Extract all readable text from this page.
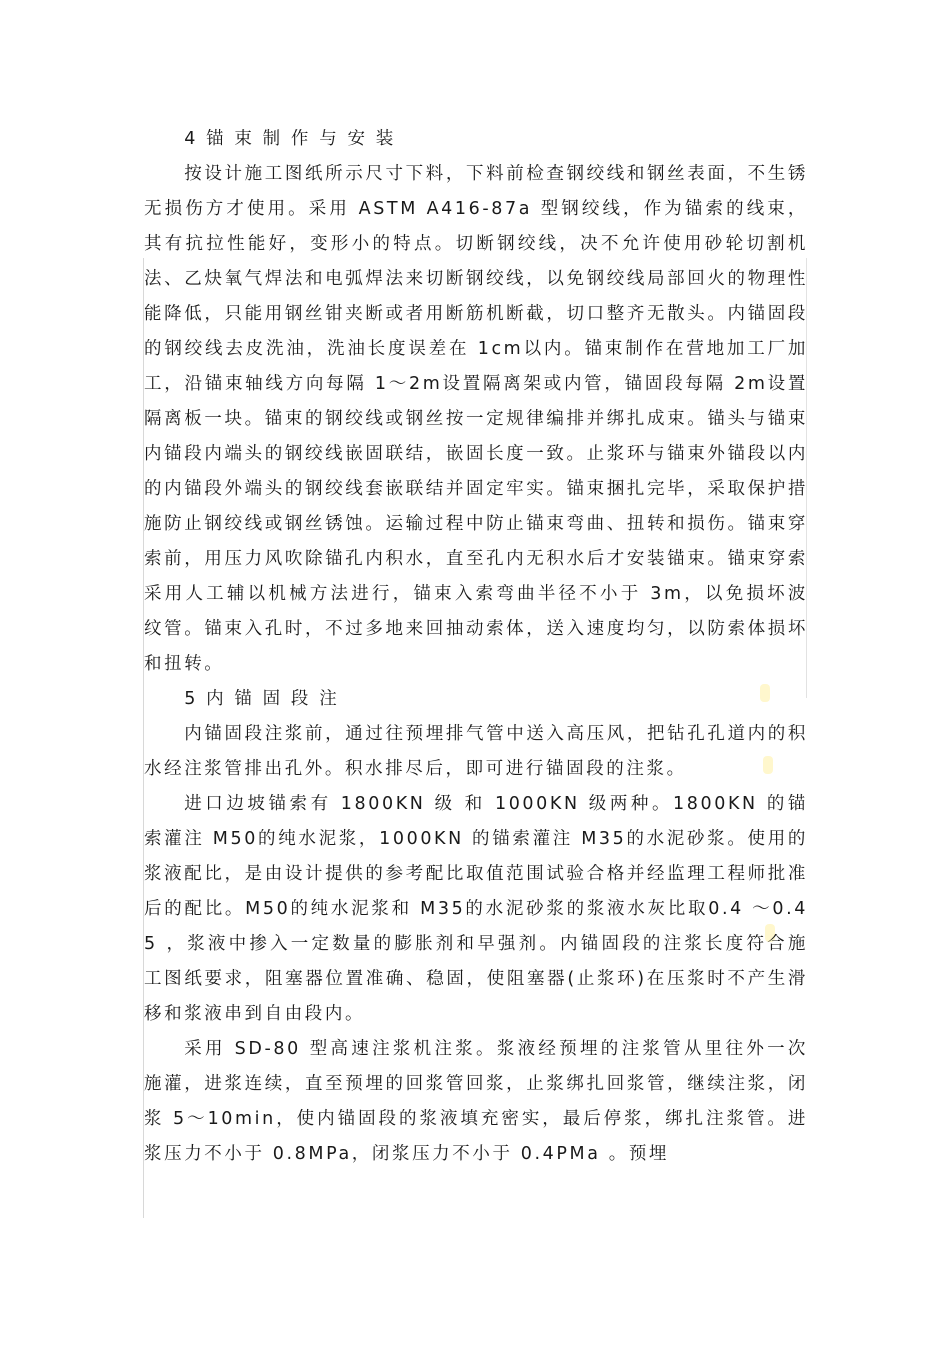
4 锚 束 制 作 与 安 装

按设计施工图纸所示尺寸下料，下料前检查钢绞线和钢丝表面，不生锈无损伤方才使用。采用 ASTM A416-87a 型钢绞线，作为锚索的线束，其有抗拉性能好，变形小的特点。切断钢绞线，决不允许使用砂轮切割机法、乙炔氧气焊法和电弧焊法来切断钢绞线，以免钢绞线局部回火的物理性能降低，只能用钢丝钳夹断或者用断筋机断截，切口整齐无散头。内锚固段的钢绞线去皮洗油，洗油长度误差在 1cm以内。锚束制作在营地加工厂加工，沿锚束轴线方向每隔 1～2m设置隔离架或内管，锚固段每隔 2m设置隔离板一块。锚束的钢绞线或钢丝按一定规律编排并绑扎成束。锚头与锚束内锚段内端头的钢绞线嵌固联结，嵌固长度一致。止浆环与锚束外锚段以内的内锚段外端头的钢绞线套嵌联结并固定牢实。锚束捆扎完毕，采取保护措施防止钢绞线或钢丝锈蚀。运输过程中防止锚束弯曲、扭转和损伤。锚束穿索前，用压力风吹除锚孔内积水，直至孔内无积水后才安装锚束。锚束穿索采用人工辅以机械方法进行，锚束入索弯曲半径不小于 3m，以免损坏波纹管。锚束入孔时，不过多地来回抽动索体，送入速度均匀，以防索体损坏和扭转。

5 内 锚 固 段 注

内锚固段注浆前，通过往预埋排气管中送入高压风，把钻孔孔道内的积水经注浆管排出孔外。积水排尽后，即可进行锚固段的注浆。

进口边坡锚索有 1800KN 级 和 1000KN 级两种。1800KN 的锚索灌注 M50的纯水泥浆，1000KN 的锚索灌注 M35的水泥砂浆。使用的浆液配比，是由设计提供的参考配比取值范围试验合格并经监理工程师批准后的配比。M50的纯水泥浆和 M35的水泥砂浆的浆液水灰比取0.4 ～0.45 ，浆液中掺入一定数量的膨胀剂和早强剂。内锚固段的注浆长度符合施工图纸要求，阻塞器位置准确、稳固，使阻塞器(止浆环)在压浆时不产生滑移和浆液串到自由段内。

采用 SD-80 型高速注浆机注浆。浆液经预埋的注浆管从里往外一次施灌，进浆连续，直至预埋的回浆管回浆，止浆绑扎回浆管，继续注浆，闭浆 5～10min，使内锚固段的浆液填充密实，最后停浆，绑扎注浆管。进浆压力不小于 0.8MPa，闭浆压力不小于 0.4PMa 。预埋
